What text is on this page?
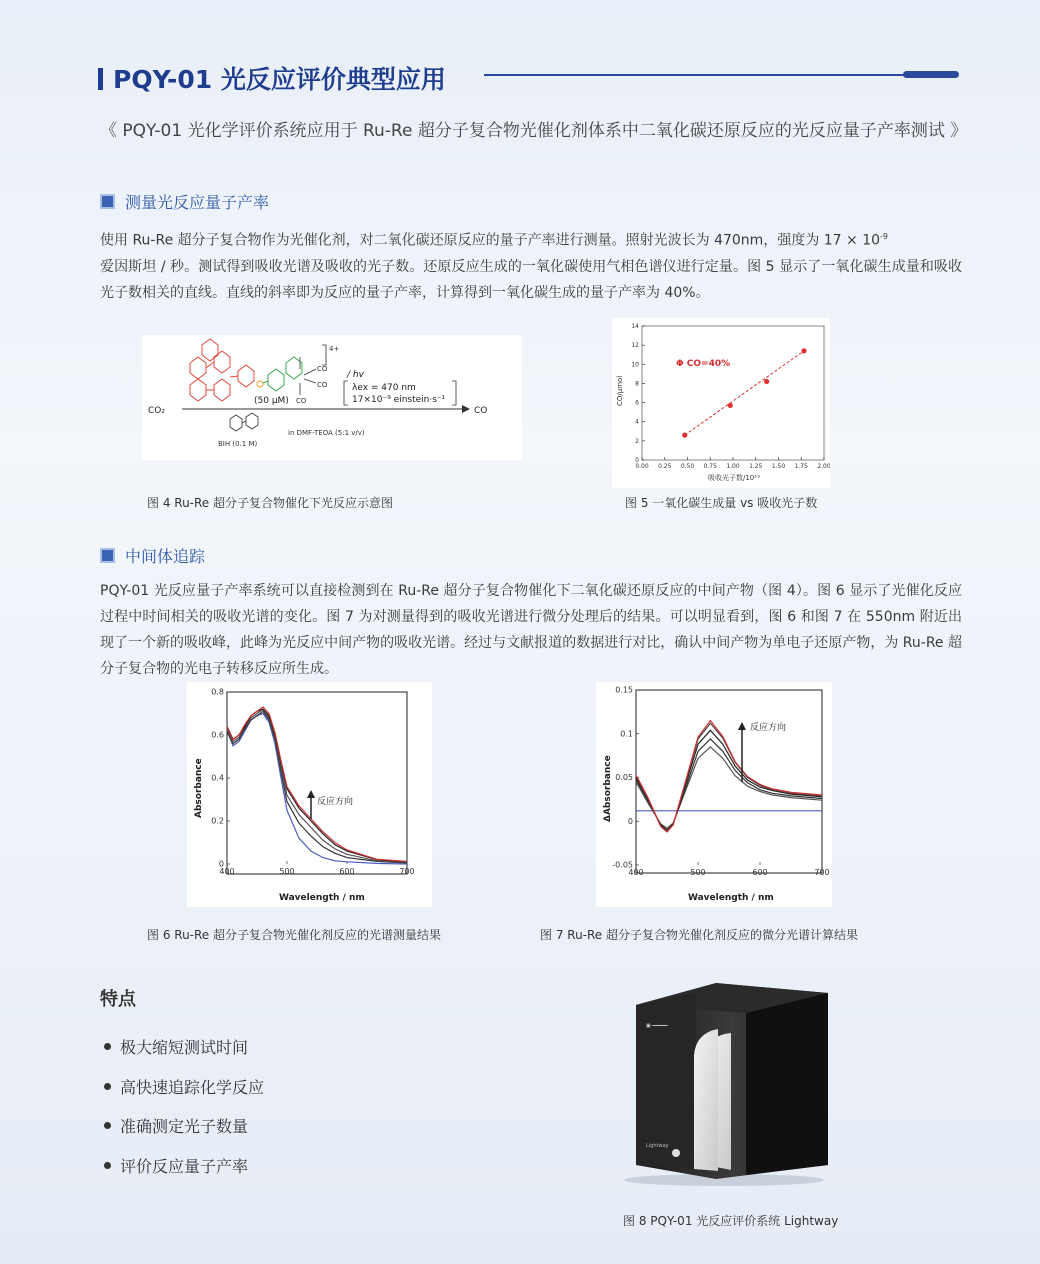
PQY-01 光反应评价典型应用
《 PQY-01 光化学评价系统应用于 Ru-Re 超分子复合物光催化剂体系中二氧化碳还原反应的光反应量子产率测试 》
测量光反应量子产率
使用 Ru-Re 超分子复合物作为光催化剂，对二氧化碳还原反应的量子产率进行测量。照射光波长为 470nm，强度为 $17 \times 10^{-9}$
爱因斯坦 / 秒。测试得到吸收光谱及吸收的光子数。还原反应生成的一氧化碳使用气相色谱仪进行定量。图 5 显示了一氧化碳生成量和吸收光子数相关的直线。直线的斜率即为反应的量子产率，计算得到一氧化碳生成的量子产率为 40%。
CO
CO
CO
4+
(50 μM)
/ hv
λex = 470 nm
17×10⁻⁹ einstein·s⁻¹
CO₂	CO
BIH (0.1 M)
in DMF-TEOA (5:1 v/v)
图 4 Ru-Re 超分子复合物催化下光反应示意图
0.00 0.25 0.50 0.75 1.00 1.25 1.50 1.75 2.00
0
2
4
6
8
10
12
14
Φ CO=40%
吸收光子数/10¹⁹
CO/μmol
图 5 一氧化碳生成量 vs 吸收光子数
中间体追踪
PQY-01 光反应量子产率系统可以直接检测到在 Ru-Re 超分子复合物催化下二氧化碳还原反应的中间产物（图 4）。图 6 显示了光催化反应过程中时间相关的吸收光谱的变化。图 7 为对测量得到的吸收光谱进行微分处理后的结果。可以明显看到，图 6 和图 7 在 550nm 附近出现了一个新的吸收峰，此峰为光反应中间产物的吸收光谱。经过与文献报道的数据进行对比，确认中间产物为单电子还原产物，为 Ru-Re 超分子复合物的光电子转移反应所生成。
400	500	600	700
0
0.2
0.4
0.6
0.8
反应方向
Wavelength / nm
Absorbance
图 6 Ru-Re 超分子复合物光催化剂反应的光谱测量结果
400	500	600	700
-0.05
0
0.05
0.1
0.15
反应方向
Wavelength / nm
ΔAbsorbance
图 7 Ru-Re 超分子复合物光催化剂反应的微分光谱计算结果
特点
极大缩短测试时间
高快速追踪化学反应
准确测定光子数量
评价反应量子产率
▣ ━━━━━
Lightway
图 8 PQY-01 光反应评价系统 Lightway
